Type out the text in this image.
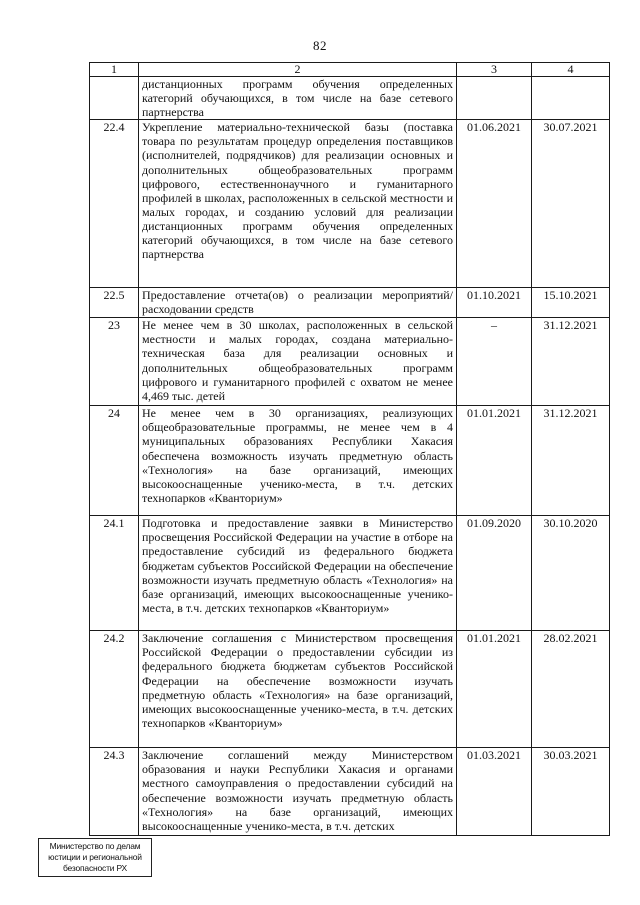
82
1	2	3	4
	дистанционных программ обучения определенных категорий обучающихся, в том числе на базе сетевого партнерства		
22.4	Укрепление материально-технической базы (поставка товара по результатам процедур определения поставщиков (исполнителей, подрядчиков) для реализации основных и дополнительных общеобразовательных программ цифрового, естественнонаучного и гуманитарного профилей в школах, расположенных в сельской местности и малых городах, и созданию условий для реализации дистанционных программ обучения определенных категорий обучающихся, в том числе на базе сетевого партнерства	01.06.2021	30.07.2021
22.5	Предоставление отчета(ов) о реализации мероприятий/ расходовании средств	01.10.2021	15.10.2021
23	Не менее чем в 30 школах, расположенных в сельской местности и малых городах, создана материально-техническая база для реализации основных и дополнительных общеобразовательных программ цифрового и гуманитарного профилей с охватом не менее 4,469 тыс. детей	–	31.12.2021
24	Не менее чем в 30 организациях, реализующих общеобразовательные программы, не менее чем в 4 муниципальных образованиях Республики Хакасия обеспечена возможность изучать предметную область «Технология» на базе организаций, имеющих высокооснащенные ученико-места, в т.ч. детских технопарков «Кванториум»	01.01.2021	31.12.2021
24.1	Подготовка и предоставление заявки в Министерство просвещения Российской Федерации на участие в отборе на предоставление субсидий из федерального бюджета бюджетам субъектов Российской Федерации на обеспечение возможности изучать предметную область «Технология» на базе организаций, имеющих высокооснащенные ученико-места, в т.ч. детских технопарков «Кванториум»	01.09.2020	30.10.2020
24.2	Заключение соглашения с Министерством просвещения Российской Федерации о предоставлении субсидии из федерального бюджета бюджетам субъектов Российской Федерации на обеспечение возможности изучать предметную область «Технология» на базе организаций, имеющих высокооснащенные ученико-места, в т.ч. детских технопарков «Кванториум»	01.01.2021	28.02.2021
24.3	Заключение соглашений между Министерством образования и науки Республики Хакасия и органами местного самоуправления о предоставлении субсидий на обеспечение возможности изучать предметную область «Технология» на базе организаций, имеющих высокооснащенные ученико-места, в т.ч. детских	01.03.2021	30.03.2021
Министерство по делам
юстиции и региональной
безопасности РХ
